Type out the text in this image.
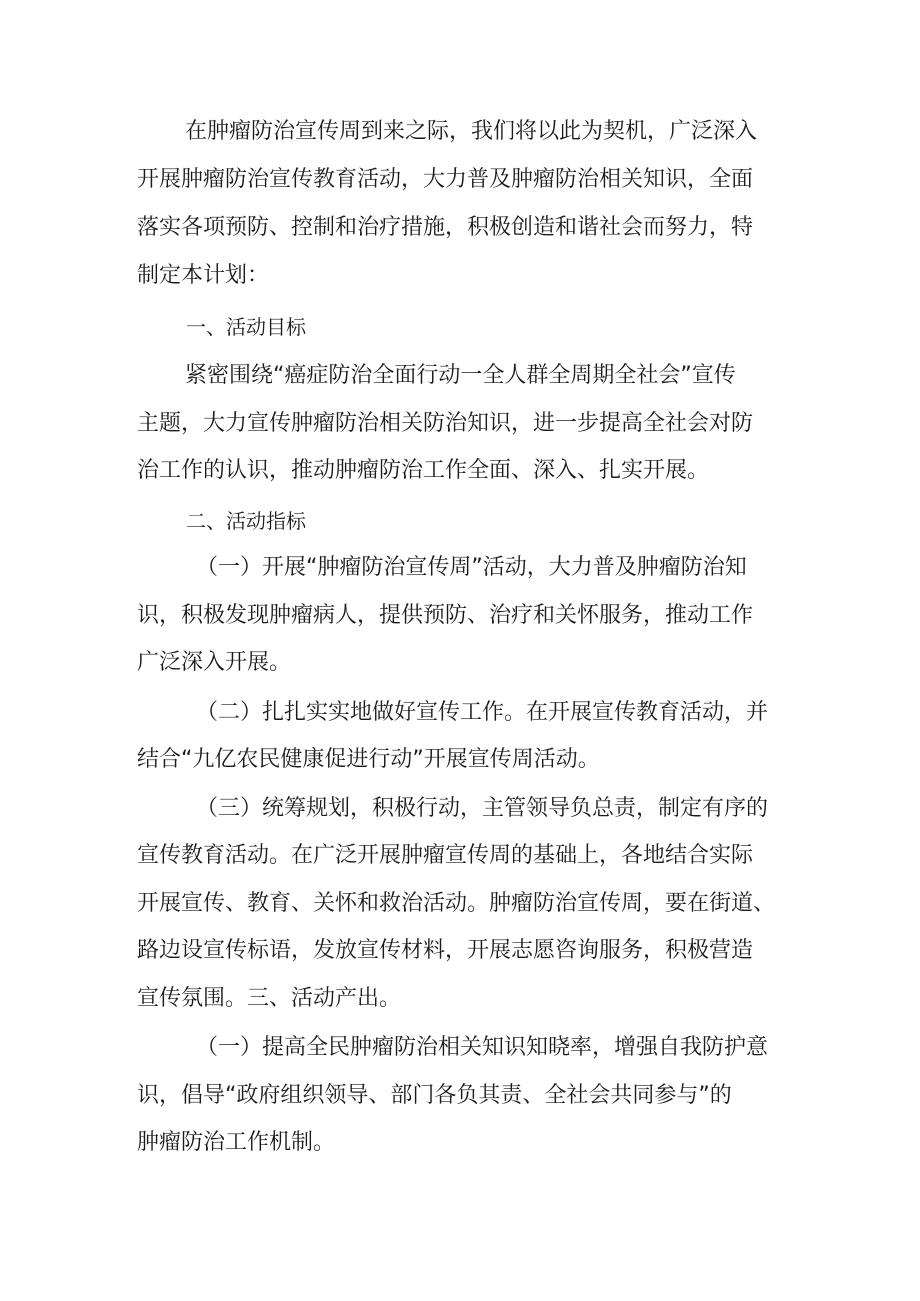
在肿瘤防治宣传周到来之际，我们将以此为契机，广泛深入

开展肿瘤防治宣传教育活动，大力普及肿瘤防治相关知识，全面

落实各项预防、控制和治疗措施，积极创造和谐社会而努力，特

制定本计划：

一、活动目标

紧密围绕“癌症防治全面行动一全人群全周期全社会”宣传

主题，大力宣传肿瘤防治相关防治知识，进一步提高全社会对防

治工作的认识，推动肿瘤防治工作全面、深入、扎实开展。

二、活动指标

（一）开展“肿瘤防治宣传周”活动，大力普及肿瘤防治知

识，积极发现肿瘤病人，提供预防、治疗和关怀服务，推动工作

广泛深入开展。

（二）扎扎实实地做好宣传工作。在开展宣传教育活动，并

结合“九亿农民健康促进行动”开展宣传周活动。

（三）统筹规划，积极行动，主管领导负总责，制定有序的

宣传教育活动。在广泛开展肿瘤宣传周的基础上，各地结合实际

开展宣传、教育、关怀和救治活动。肿瘤防治宣传周，要在街道、

路边设宣传标语，发放宣传材料，开展志愿咨询服务，积极营造

宣传氛围。三、活动产出。

（一）提高全民肿瘤防治相关知识知晓率，增强自我防护意

识，倡导“政府组织领导、部门各负其责、全社会共同参与”的

肿瘤防治工作机制。
